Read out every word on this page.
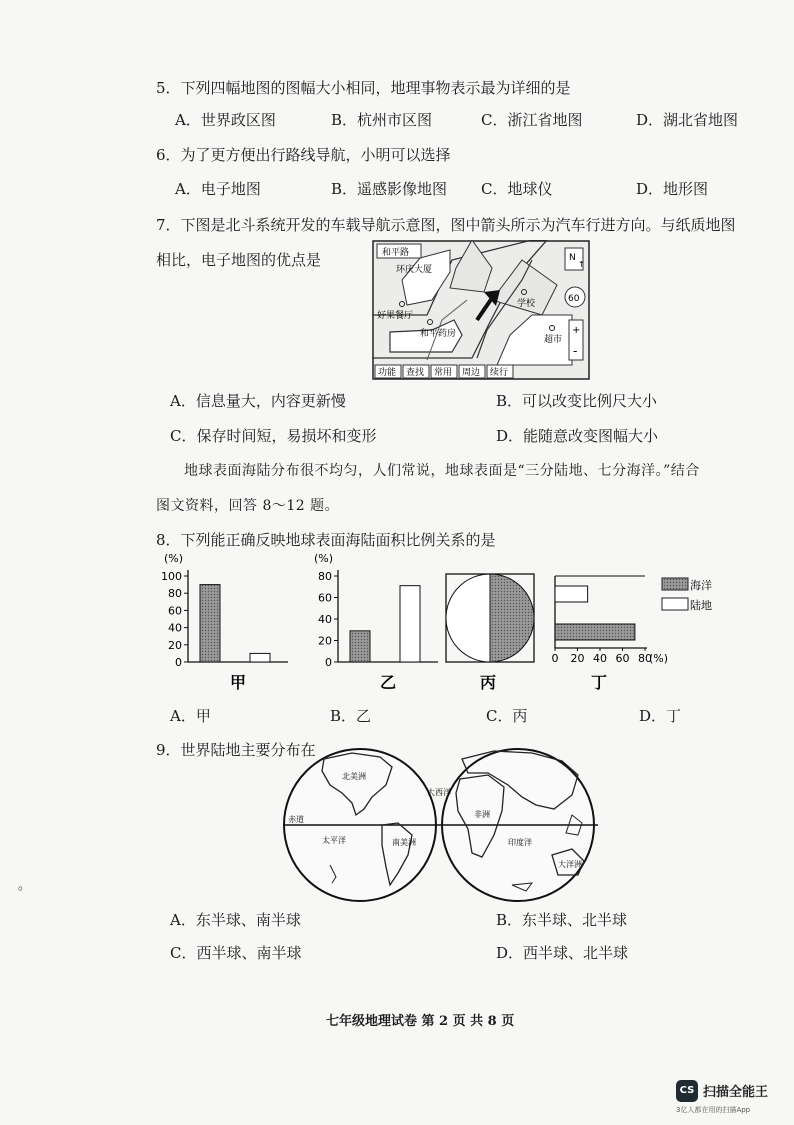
5．下列四幅地图的图幅大小相同，地理事物表示最为详细的是
A．世界政区图	B．杭州市区图	C．浙江省地图	D．湖北省地图
6．为了更方便出行路线导航，小明可以选择
A．电子地图	B．遥感影像地图 C．地球仪	D．地形图
7．下图是北斗系统开发的车载导航示意图，图中箭头所示为汽车行进方向。与纸质地图
相比，电子地图的优点是	和平路
环庆大厦
好果餐厅
和平药房
学校
超市
N
↑
60
+
-
功能 查找 常用 周边 续行
A．信息量大，内容更新慢	B．可以改变比例尺大小
C．保存时间短，易损坏和变形	D．能随意改变图幅大小
地球表面海陆分布很不均匀，人们常说，地球表面是“三分陆地、七分海洋。”结合
图文资料，回答 8～12 题。
8．下列能正确反映地球表面海陆面积比例关系的是
(%)
100
80
60
40
20
0
甲
(%)
80
60
40
20
0
乙	丙
0 20 40 60 80
(%)
丁
海洋
陆地
A．甲	B．乙	C．丙	D．丁
9．世界陆地主要分布在
赤道
北美洲
南美洲
太平洋
大西洋
非洲
印度洋
大洋洲
。
A．东半球、南半球	B．东半球、北半球
C．西半球、南半球	D．西半球、北半球
七年级地理试卷 第 2 页 共 8 页
CS 扫描全能王
3亿人都在用的扫描App
